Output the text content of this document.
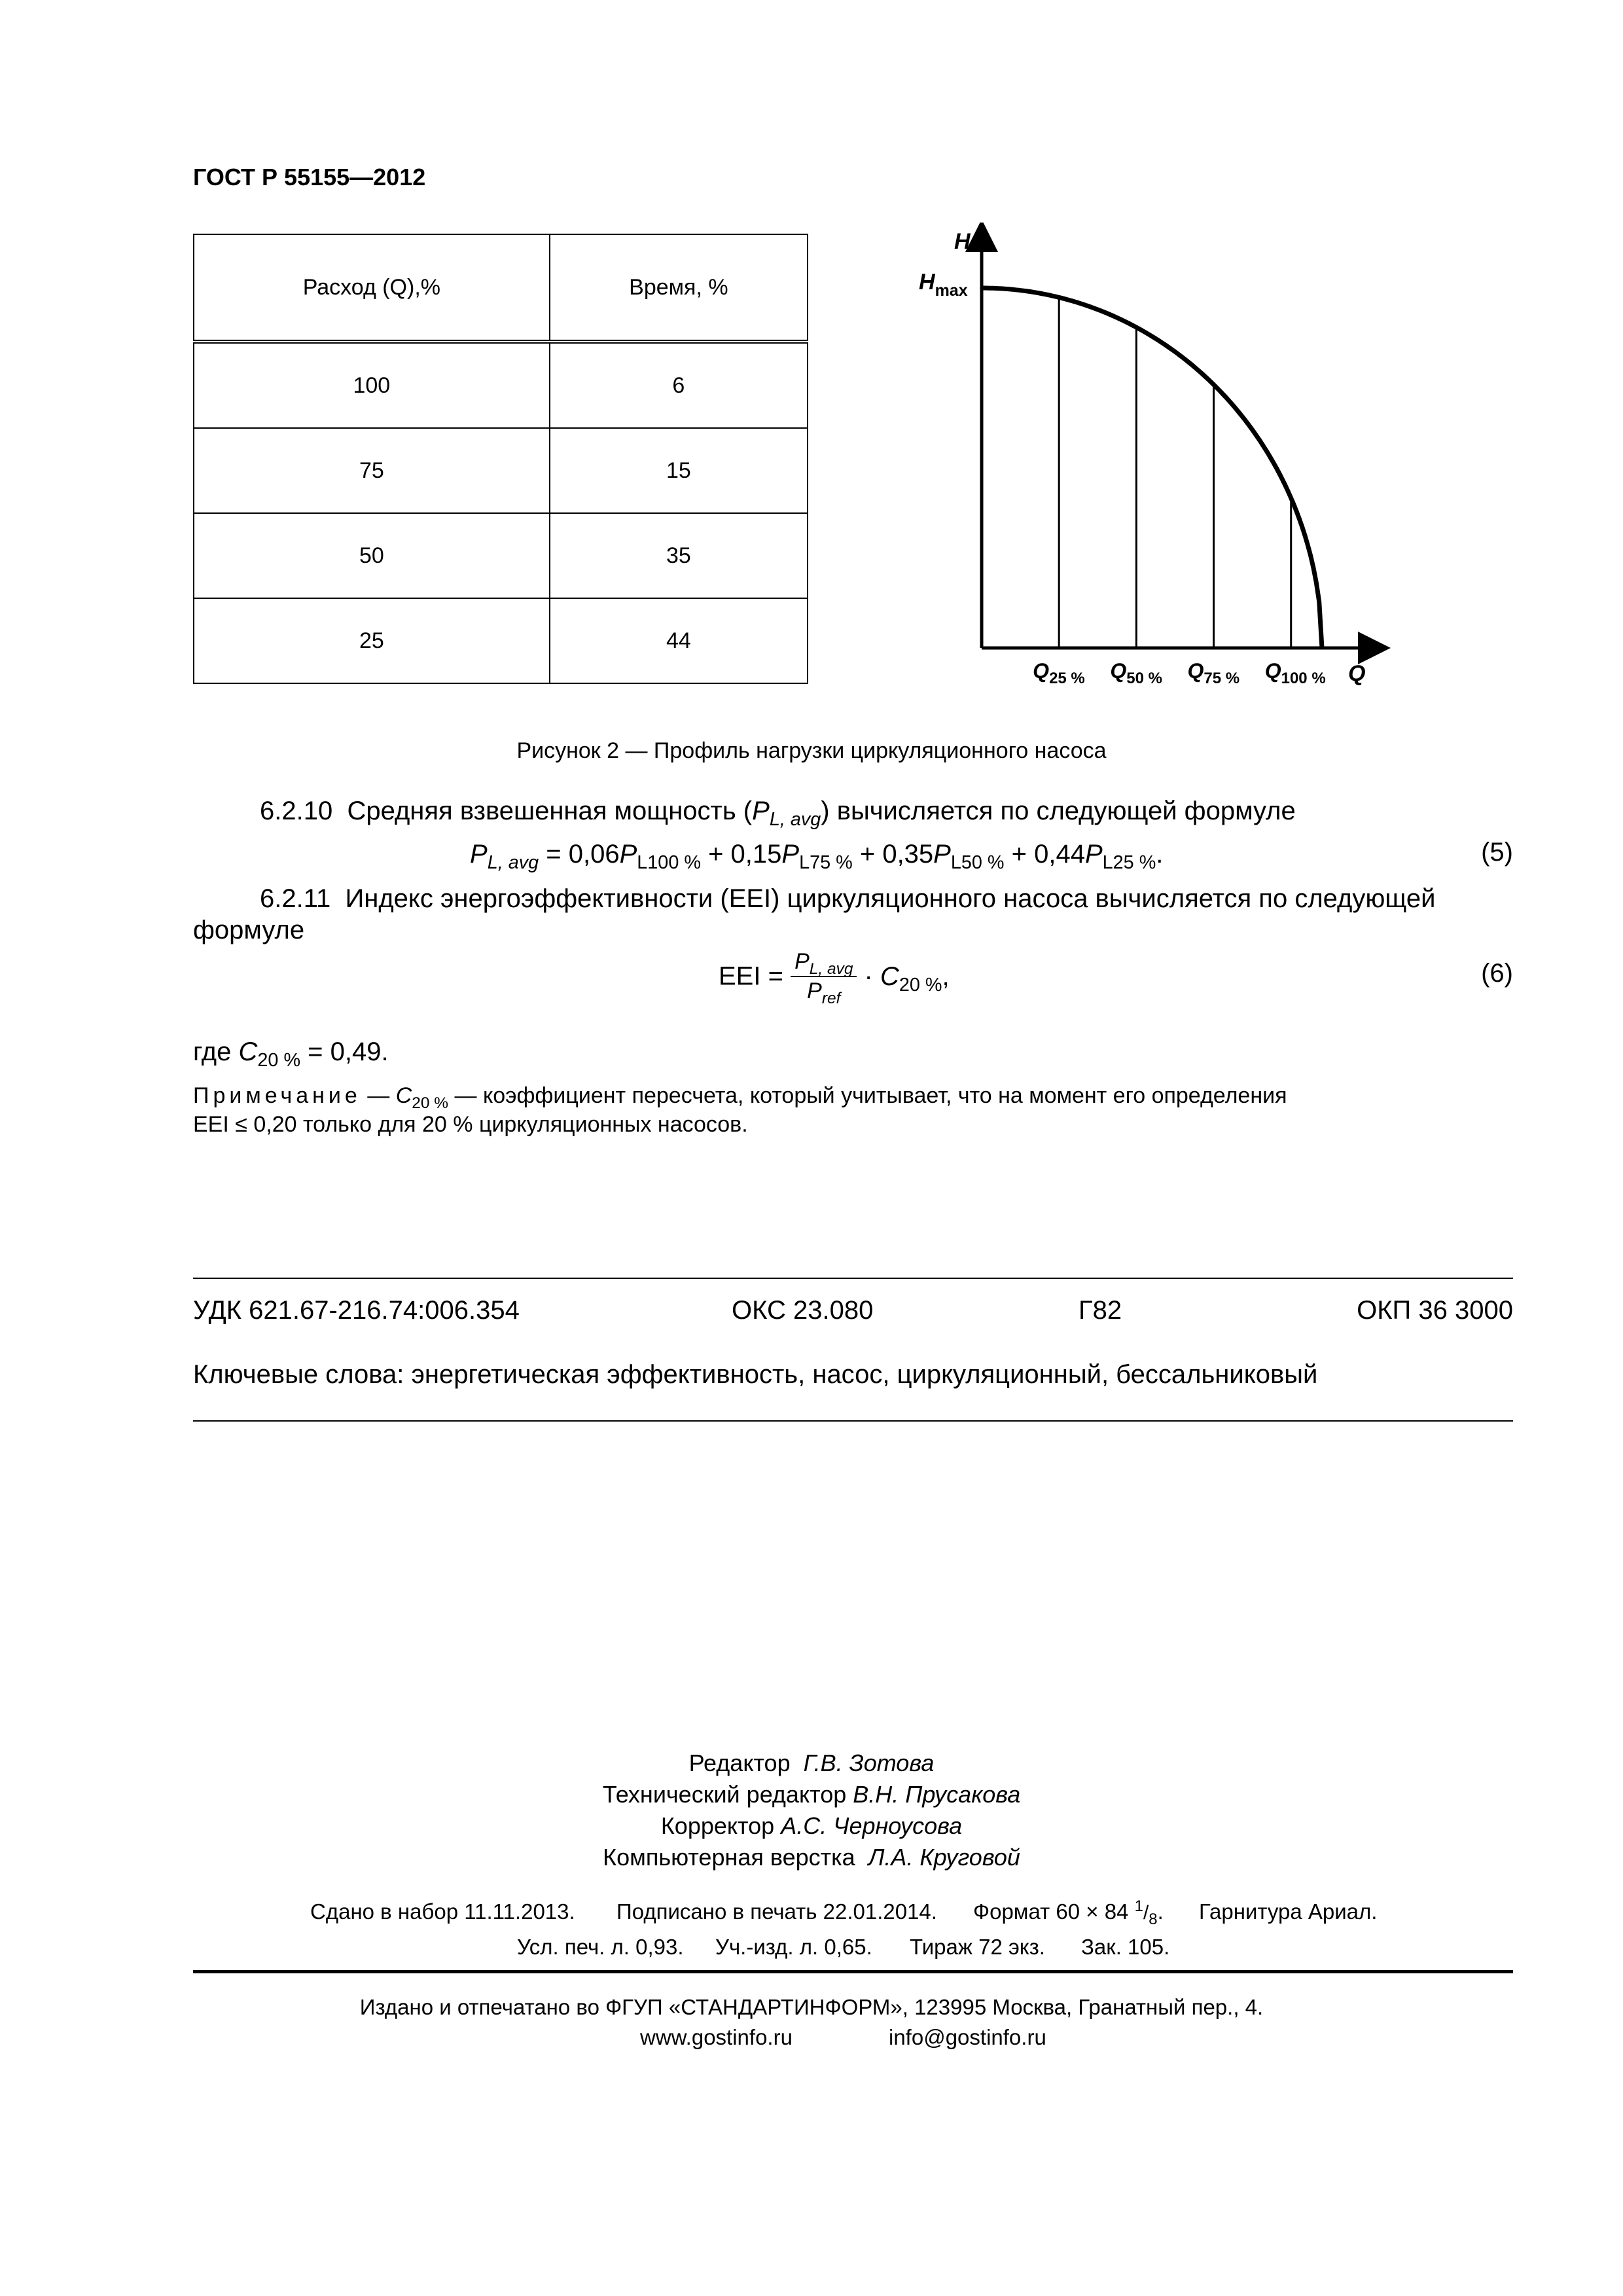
ГОСТ Р 55155—2012
Расход (Q),%	Время, %
100	6
75	15
50	35
25	44
H
$H_{max}$
Q
$Q_{25 \%}$ $Q_{50 \%}$ $Q_{75 \%}$ $Q_{100 \%}$
Рисунок 2 — Профиль нагрузки циркуляционного насоса
6.2.10 Средняя взвешенная мощность $(P_{L, avg})$ вычисляется по следующей формуле
$P_{L, avg} = 0,06P_{L100 \%} + 0,15P_{L75 \%} + 0,35P_{L50 \%} + 0,44P_{L25 \%}$.	(5)
6.2.11 Индекс энергоэффективности (EEI) циркуляционного насоса вычисляется по следующей
формуле
EEI = $\frac{P_{L, avg}}{P_{ref}} \cdot C_{20 \%}$,	(6)
где $C_{20 \%} = 0,49$.
Примечание — $C_{20 \%}$ — коэффициент пересчета, который учитывает, что на момент его определения
EEI ≤ 0,20 только для 20 % циркуляционных насосов.
УДК 621.67-216.74:006.354	ОКС 23.080	Г82	ОКП 36 3000
Ключевые слова: энергетическая эффективность, насос, циркуляционный, бессальниковый
Редактор Г.В. Зотова
Технический редактор В.Н. Прусакова
Корректор А.С. Черноусова
Компьютерная верстка Л.А. Круговой
Сдано в набор 11.11.2013. Подписано в печать 22.01.2014. Формат 60 × 84 $^1/_8$. Гарнитура Ариал.
Усл. печ. л. 0,93. Уч.-изд. л. 0,65. Тираж 72 экз. Зак. 105.
Издано и отпечатано во ФГУП «СТАНДАРТИНФОРМ», 123995 Москва, Гранатный пер., 4.
www.gostinfo.ru	info@gostinfo.ru
